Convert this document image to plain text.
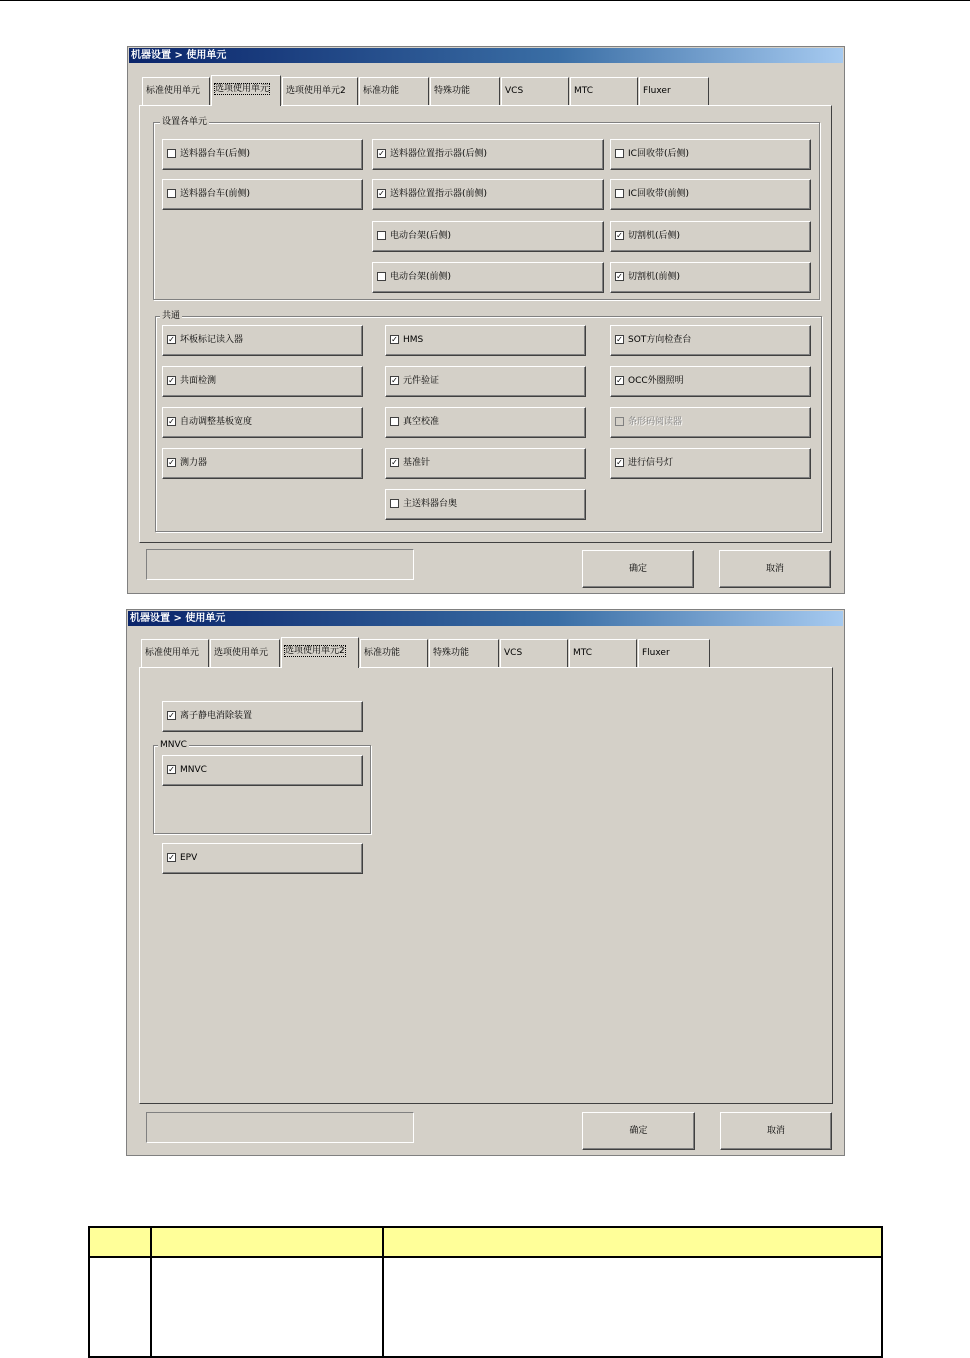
机器设置 > 使用单元
标准使用单元	选项使用单元	选项使用单元2	标准功能	特殊功能	VCS	MTC	Fluxer
设置各单元
送料器台车(后侧)
送料器台车(前侧)
✓ 送料器位置指示器(后侧)
✓ 送料器位置指示器(前侧)
电动台架(后侧)
电动台架(前侧)
IC回收带(后侧)
IC回收带(前侧)
✓ 切割机(后侧)
✓ 切割机(前侧)
共通
✓ 坏板标记读入器
✓ 共面检测
✓ 自动调整基板宽度
✓ 测力器
✓ HMS
✓ 元件验证
真空校准
✓ 基准针
主送料器台奥
✓ SOT方向检查台
✓ OCC外圈照明
条形码阅读器
✓ 进行信号灯
确定	取消
机器设置 > 使用单元
标准使用单元	选项使用单元	选项使用单元2	标准功能	特殊功能	VCS	MTC	Fluxer
✓ 离子静电消除装置
MNVC
✓ MNVC
✓ EPV
确定	取消
